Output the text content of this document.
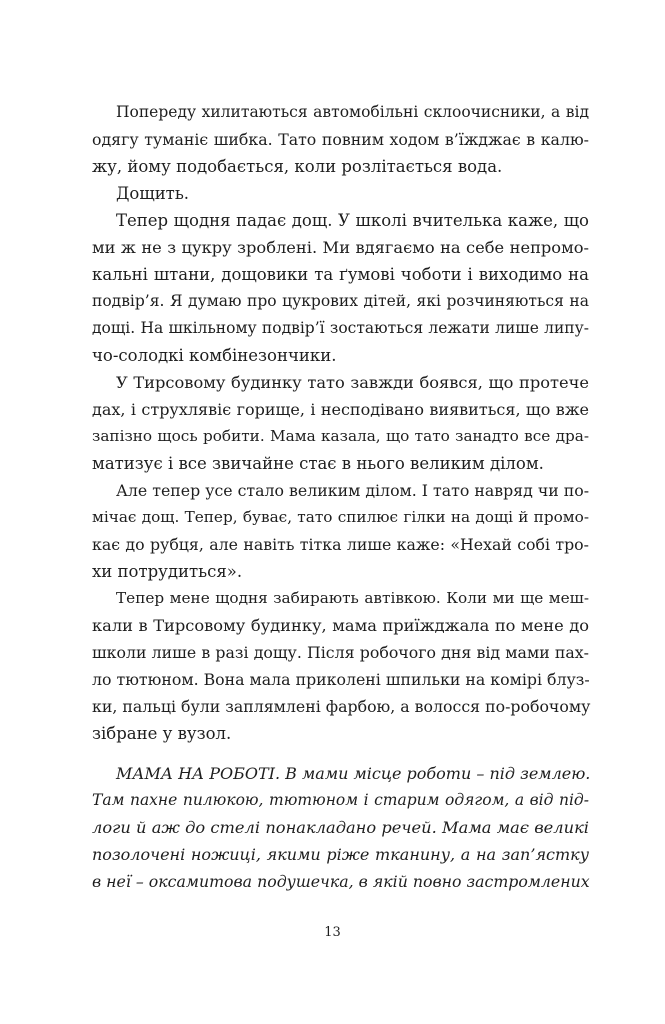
Попереду хилитаються автомобільні склоочисники, а від
одягу туманіє шибка. Тато повним ходом в’їжджає в калю-
жу, йому подобається, коли розлітається вода.
Дощить.
Тепер щодня падає дощ. У школі вчителька каже, що
ми ж не з цукру зроблені. Ми вдягаємо на себе непромо-
кальні штани, дощовики та ґумові чоботи і виходимо на
подвір’я. Я думаю про цукрових дітей, які розчиняються на
дощі. На шкільному подвір’ї зостаються лежати лише липу-
чо-солодкі комбінезончики.
У Тирсовому будинку тато завжди боявся, що протече
дах, і струхлявіє горище, і несподівано виявиться, що вже
запізно щось робити. Мама казала, що тато занадто все дра-
матизує і все звичайне стає в нього великим ділом.
Але тепер усе стало великим ділом. І тато навряд чи по-
мічає дощ. Тепер, буває, тато спилює гілки на дощі й промо-
кає до рубця, але навіть тітка лише каже: «Нехай собі тро-
хи потрудиться».
Тепер мене щодня забирають автівкою. Коли ми ще меш-
кали в Тирсовому будинку, мама приїжджала по мене до
школи лише в разі дощу. Після робочого дня від мами пах-
ло тютюном. Вона мала приколені шпильки на комірі блуз-
ки, пальці були заплямлені фарбою, а волосся по-робочому
зібране у вузол.
МАМА НА РОБОТІ. В мами місце роботи – під землею.
Там пахне пилюкою, тютюном і старим одягом, а від під-
логи й аж до стелі понакладано речей. Мама має великі
позолочені ножиці, якими ріже тканину, а на зап’ястку
в неї – оксамитова подушечка, в якій повно застромлених
13
